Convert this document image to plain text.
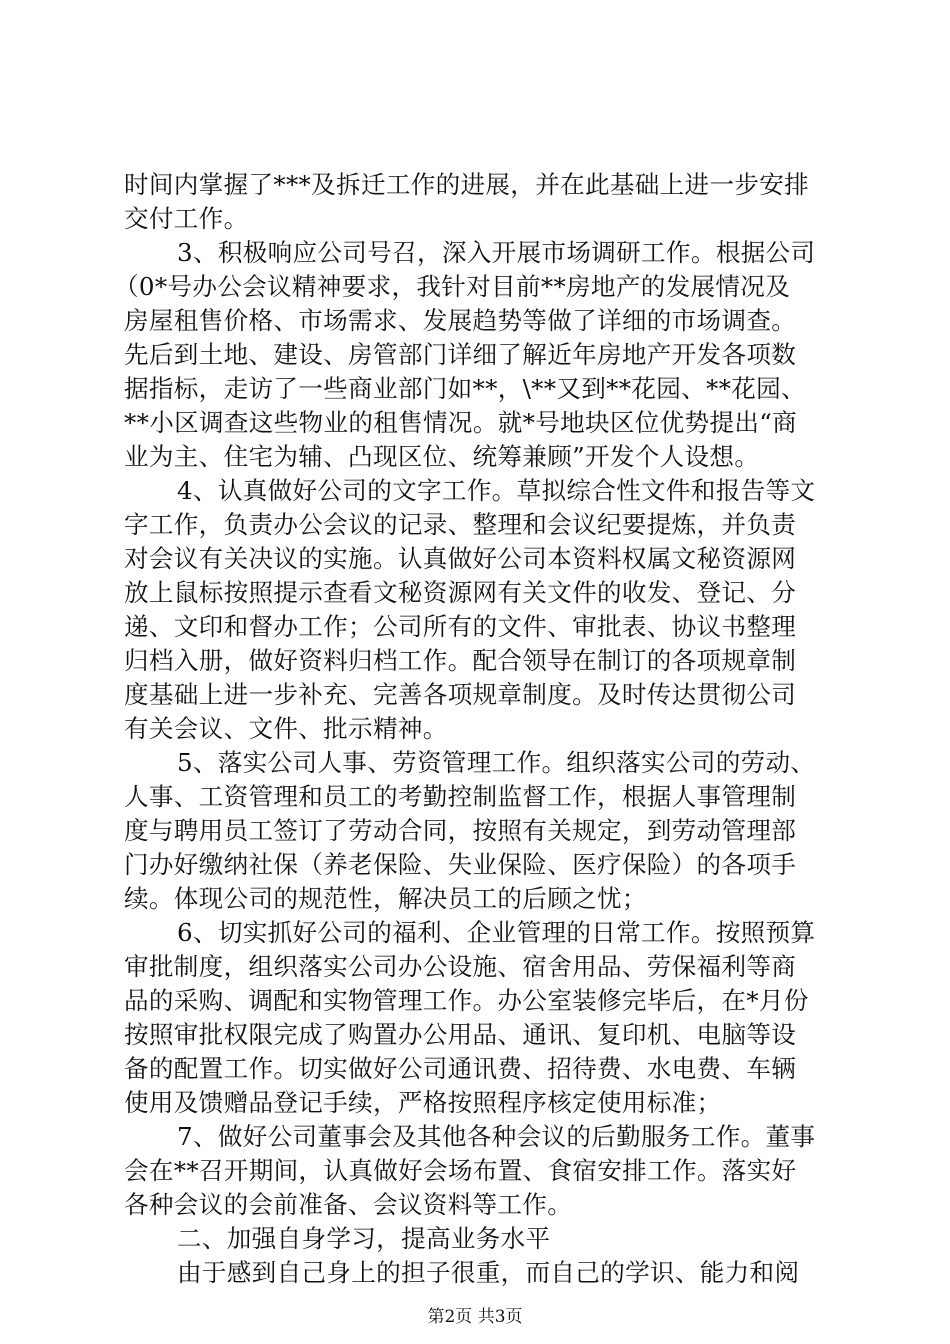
时间内掌握了***及拆迁工作的进展，并在此基础上进一步安排
交付工作。
3、积极响应公司号召，深入开展市场调研工作。根据公司
（0*号办公会议精神要求，我针对目前**房地产的发展情况及
房屋租售价格、市场需求、发展趋势等做了详细的市场调查。
先后到土地、建设、房管部门详细了解近年房地产开发各项数
据指标，走访了一些商业部门如**，\**又到**花园、**花园、
**小区调查这些物业的租售情况。就*号地块区位优势提出“商
业为主、住宅为辅、凸现区位、统筹兼顾”开发个人设想。
4、认真做好公司的文字工作。草拟综合性文件和报告等文
字工作，负责办公会议的记录、整理和会议纪要提炼，并负责
对会议有关决议的实施。认真做好公司本资料权属文秘资源网
放上鼠标按照提示查看文秘资源网有关文件的收发、登记、分
递、文印和督办工作；公司所有的文件、审批表、协议书整理
归档入册，做好资料归档工作。配合领导在制订的各项规章制
度基础上进一步补充、完善各项规章制度。及时传达贯彻公司
有关会议、文件、批示精神。
5、落实公司人事、劳资管理工作。组织落实公司的劳动、
人事、工资管理和员工的考勤控制监督工作，根据人事管理制
度与聘用员工签订了劳动合同，按照有关规定，到劳动管理部
门办好缴纳社保（养老保险、失业保险、医疗保险）的各项手
续。体现公司的规范性，解决员工的后顾之忧；
6、切实抓好公司的福利、企业管理的日常工作。按照预算
审批制度，组织落实公司办公设施、宿舍用品、劳保福利等商
品的采购、调配和实物管理工作。办公室装修完毕后，在*月份
按照审批权限完成了购置办公用品、通讯、复印机、电脑等设
备的配置工作。切实做好公司通讯费、招待费、水电费、车辆
使用及馈赠品登记手续，严格按照程序核定使用标准；
7、做好公司董事会及其他各种会议的后勤服务工作。董事
会在**召开期间，认真做好会场布置、食宿安排工作。落实好
各种会议的会前准备、会议资料等工作。
二、加强自身学习，提高业务水平
由于感到自己身上的担子很重，而自己的学识、能力和阅
第2页 共3页
